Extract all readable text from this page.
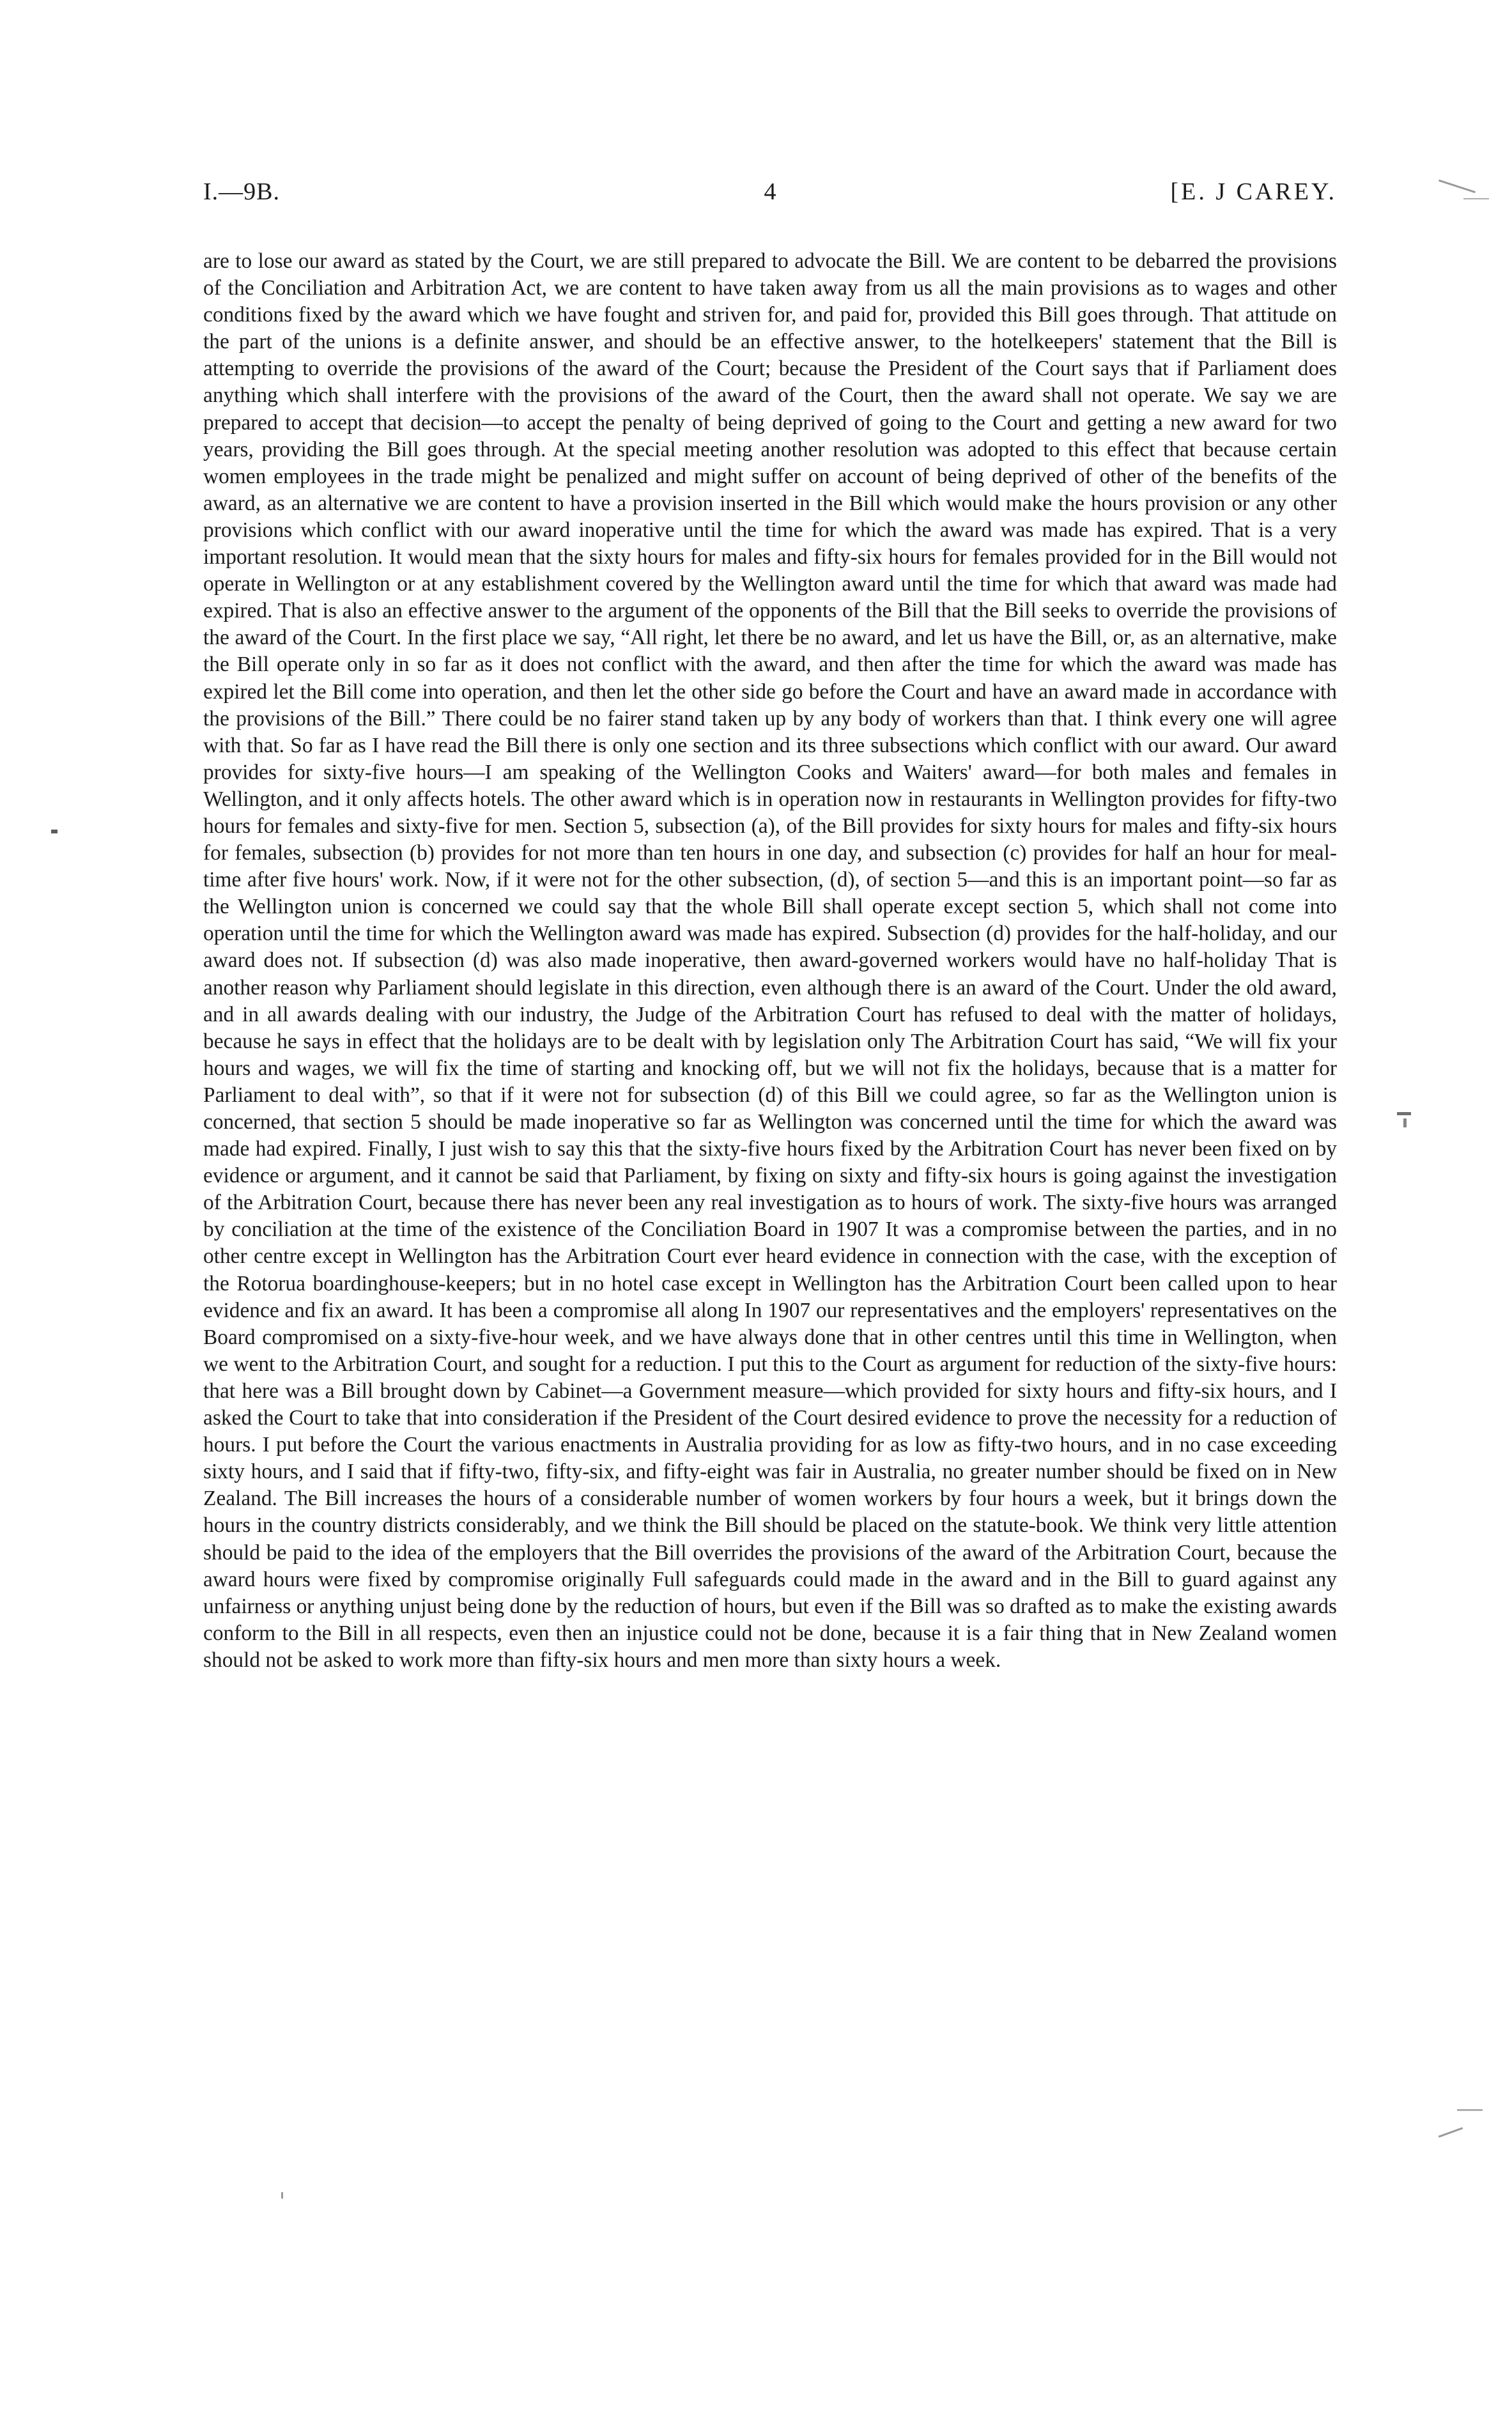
I.—9B.	4	[E. J CAREY.

are to lose our award as stated by the Court, we are still prepared to advocate the Bill. We are content to be debarred the provisions of the Conciliation and Arbitration Act, we are content to have taken away from us all the main provisions as to wages and other conditions fixed by the award which we have fought and striven for, and paid for, provided this Bill goes through. That attitude on the part of the unions is a definite answer, and should be an effective answer, to the hotelkeepers' statement that the Bill is attempting to override the provisions of the award of the Court; because the President of the Court says that if Parliament does anything which shall interfere with the provisions of the award of the Court, then the award shall not operate. We say we are prepared to accept that decision—to accept the penalty of being deprived of going to the Court and getting a new award for two years, providing the Bill goes through. At the special meeting another resolution was adopted to this effect that because certain women employees in the trade might be penalized and might suffer on account of being deprived of other of the benefits of the award, as an alternative we are content to have a provision inserted in the Bill which would make the hours provision or any other provisions which conflict with our award inoperative until the time for which the award was made has expired. That is a very important resolution. It would mean that the sixty hours for males and fifty-six hours for females provided for in the Bill would not operate in Wellington or at any establishment covered by the Wellington award until the time for which that award was made had expired. That is also an effective answer to the argument of the opponents of the Bill that the Bill seeks to override the provisions of the award of the Court. In the first place we say, “All right, let there be no award, and let us have the Bill, or, as an alternative, make the Bill operate only in so far as it does not conflict with the award, and then after the time for which the award was made has expired let the Bill come into operation, and then let the other side go before the Court and have an award made in accordance with the provisions of the Bill.” There could be no fairer stand taken up by any body of workers than that. I think every one will agree with that. So far as I have read the Bill there is only one section and its three subsections which conflict with our award. Our award provides for sixty-five hours—I am speaking of the Wellington Cooks and Waiters' award—for both males and females in Wellington, and it only affects hotels. The other award which is in operation now in restaurants in Wellington provides for fifty-two hours for females and sixty-five for men. Section 5, subsection (a), of the Bill provides for sixty hours for males and fifty-six hours for females, subsection (b) provides for not more than ten hours in one day, and subsection (c) provides for half an hour for meal-time after five hours' work. Now, if it were not for the other subsection, (d), of section 5—and this is an important point—so far as the Wellington union is concerned we could say that the whole Bill shall operate except section 5, which shall not come into operation until the time for which the Wellington award was made has expired. Subsection (d) provides for the half-holiday, and our award does not. If subsection (d) was also made inoperative, then award-governed workers would have no half-holiday That is another reason why Parliament should legislate in this direction, even although there is an award of the Court. Under the old award, and in all awards dealing with our industry, the Judge of the Arbitration Court has refused to deal with the matter of holidays, because he says in effect that the holidays are to be dealt with by legislation only The Arbitration Court has said, “We will fix your hours and wages, we will fix the time of starting and knocking off, but we will not fix the holidays, because that is a matter for Parliament to deal with”, so that if it were not for subsection (d) of this Bill we could agree, so far as the Wellington union is concerned, that section 5 should be made inoperative so far as Wellington was concerned until the time for which the award was made had expired. Finally, I just wish to say this that the sixty-five hours fixed by the Arbitration Court has never been fixed on by evidence or argument, and it cannot be said that Parliament, by fixing on sixty and fifty-six hours is going against the investigation of the Arbitration Court, because there has never been any real investigation as to hours of work. The sixty-five hours was arranged by conciliation at the time of the existence of the Conciliation Board in 1907 It was a compromise between the parties, and in no other centre except in Wellington has the Arbitration Court ever heard evidence in connection with the case, with the exception of the Rotorua boardinghouse-keepers; but in no hotel case except in Wellington has the Arbitration Court been called upon to hear evidence and fix an award. It has been a compromise all along In 1907 our representatives and the employers' representatives on the Board compromised on a sixty-five-hour week, and we have always done that in other centres until this time in Wellington, when we went to the Arbitration Court, and sought for a reduction. I put this to the Court as argument for reduction of the sixty-five hours: that here was a Bill brought down by Cabinet—a Government measure—which provided for sixty hours and fifty-six hours, and I asked the Court to take that into consideration if the President of the Court desired evidence to prove the necessity for a reduction of hours. I put before the Court the various enactments in Australia providing for as low as fifty-two hours, and in no case exceeding sixty hours, and I said that if fifty-two, fifty-six, and fifty-eight was fair in Australia, no greater number should be fixed on in New Zealand. The Bill increases the hours of a considerable number of women workers by four hours a week, but it brings down the hours in the country districts considerably, and we think the Bill should be placed on the statute-book. We think very little attention should be paid to the idea of the employers that the Bill overrides the provisions of the award of the Arbitration Court, because the award hours were fixed by compromise originally Full safeguards could made in the award and in the Bill to guard against any unfairness or anything unjust being done by the reduction of hours, but even if the Bill was so drafted as to make the existing awards conform to the Bill in all respects, even then an injustice could not be done, because it is a fair thing that in New Zealand women should not be asked to work more than fifty-six hours and men more than sixty hours a week.
